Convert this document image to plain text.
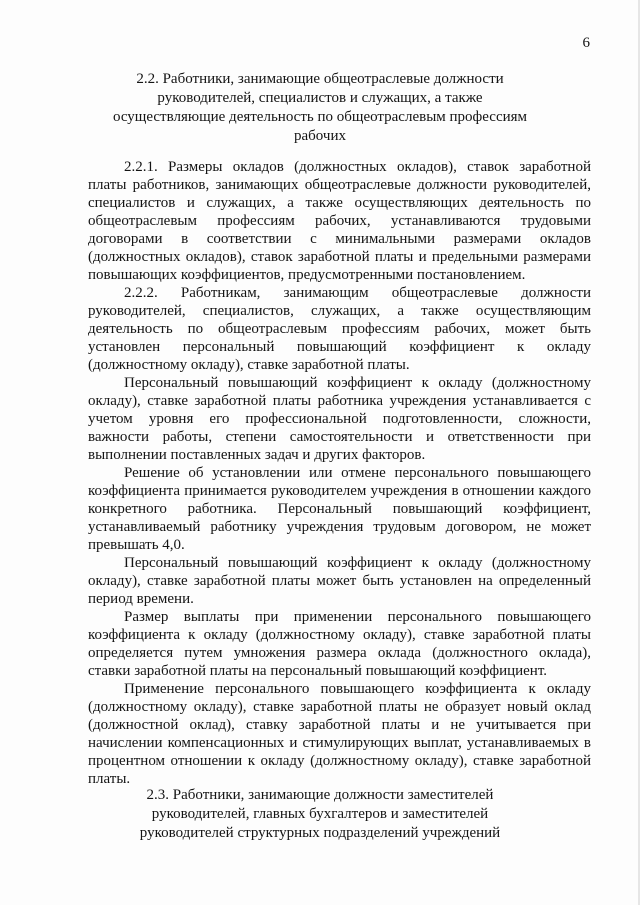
6
2.2. Работники, занимающие общеотраслевые должности
руководителей, специалистов и служащих, а также
осуществляющие деятельность по общеотраслевым профессиям
рабочих

2.2.1. Размеры окладов (должностных окладов), ставок заработной платы работников, занимающих общеотраслевые должности руководителей, специалистов и служащих, а также осуществляющих деятельность по общеотраслевым профессиям рабочих, устанавливаются трудовыми договорами в соответствии с минимальными размерами окладов (должностных окладов), ставок заработной платы и предельными размерами повышающих коэффициентов, предусмотренными постановлением.

2.2.2. Работникам, занимающим общеотраслевые должности руководителей, специалистов, служащих, а также осуществляющим деятельность по общеотраслевым профессиям рабочих, может быть установлен персональный повышающий коэффициент к окладу (должностному окладу), ставке заработной платы.

Персональный повышающий коэффициент к окладу (должностному окладу), ставке заработной платы работника учреждения устанавливается с учетом уровня его профессиональной подготовленности, сложности, важности работы, степени самостоятельности и ответственности при выполнении поставленных задач и других факторов.

Решение об установлении или отмене персонального повышающего коэффициента принимается руководителем учреждения в отношении каждого конкретного работника. Персональный повышающий коэффициент, устанавливаемый работнику учреждения трудовым договором, не может превышать 4,0.

Персональный повышающий коэффициент к окладу (должностному окладу), ставке заработной платы может быть установлен на определенный период времени.

Размер выплаты при применении персонального повышающего коэффициента к окладу (должностному окладу), ставке заработной платы определяется путем умножения размера оклада (должностного оклада), ставки заработной платы на персональный повышающий коэффициент.

Применение персонального повышающего коэффициента к окладу (должностному окладу), ставке заработной платы не образует новый оклад (должностной оклад), ставку заработной платы и не учитывается при начислении компенсационных и стимулирующих выплат, устанавливаемых в процентном отношении к окладу (должностному окладу), ставке заработной платы.

2.3. Работники, занимающие должности заместителей
руководителей, главных бухгалтеров и заместителей
руководителей структурных подразделений учреждений
